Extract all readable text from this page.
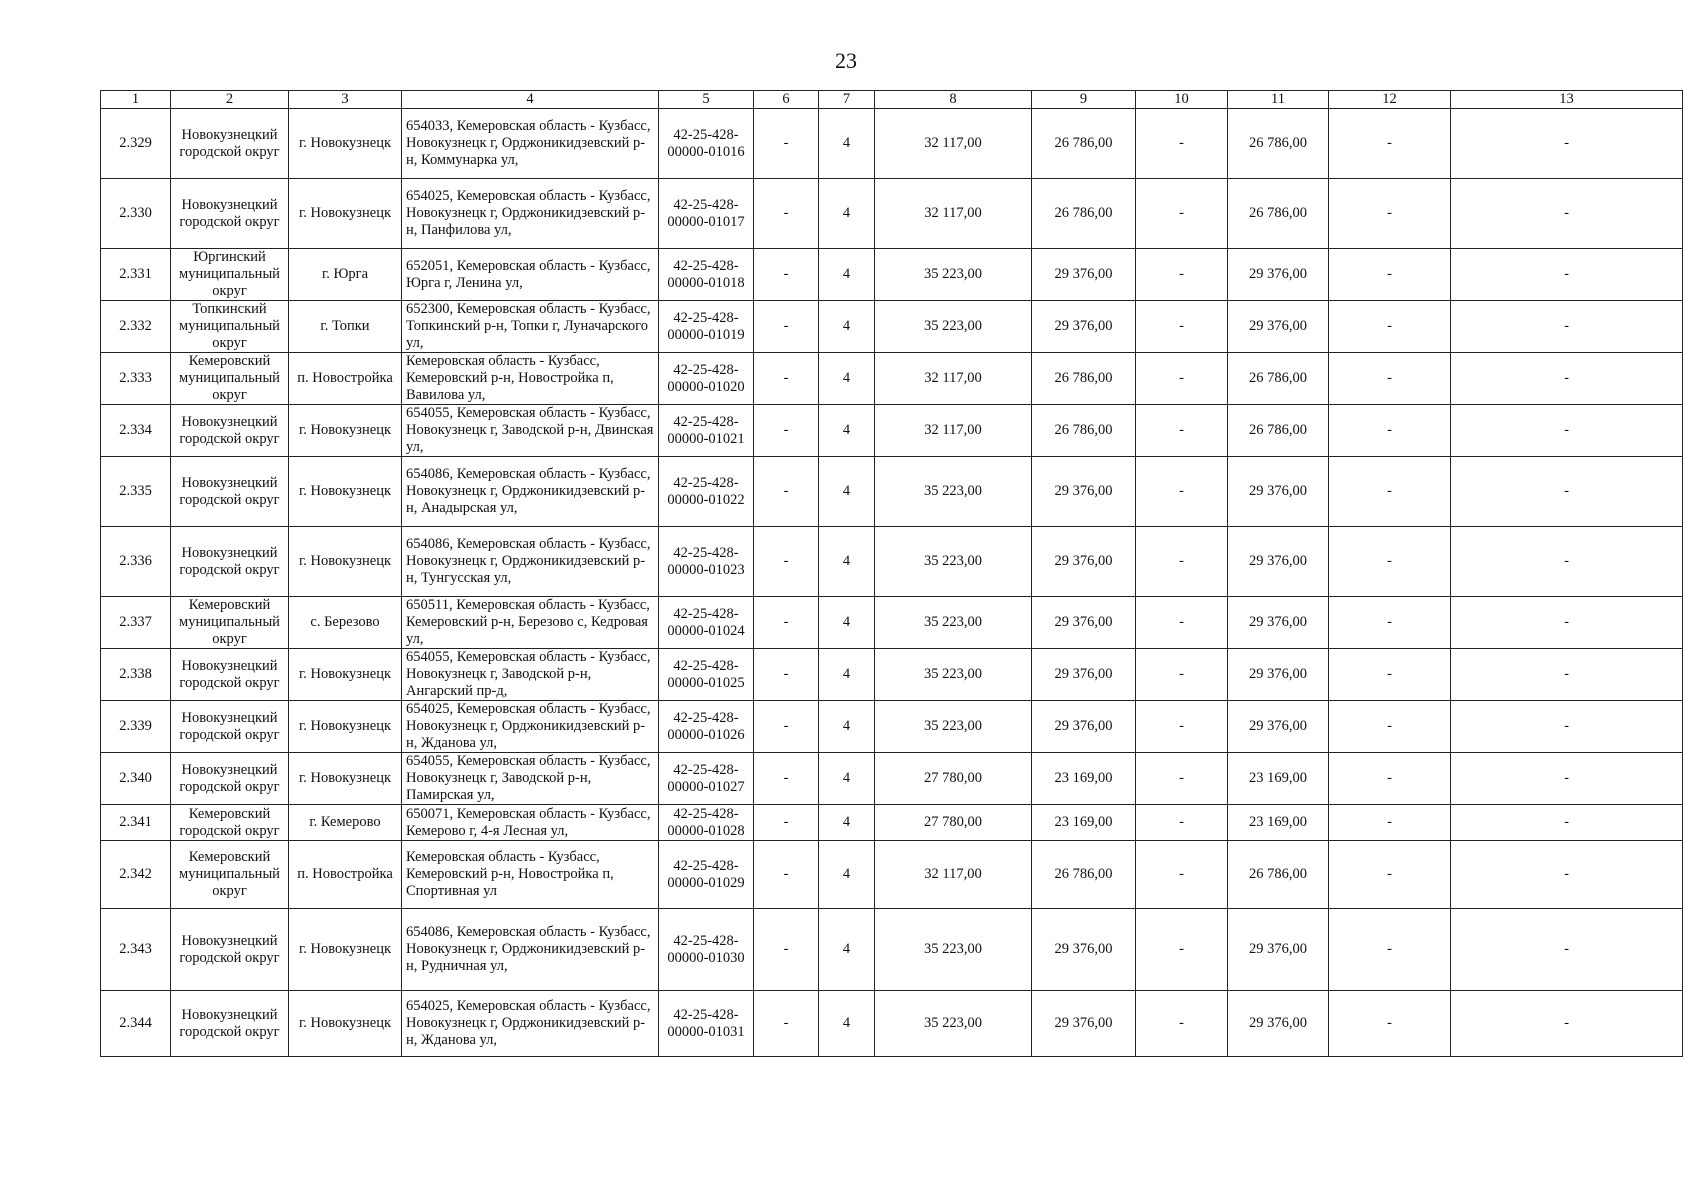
23
1	2	3	4	5	6	7	8	9	10	11	12	13
2.329	Новокузнецкий городской округ	г. Новокузнецк	654033, Кемеровская область - Кузбасс, Новокузнецк г, Орджоникидзевский р-н, Коммунарка ул,	42-25-428-00000-01016	-	4	32 117,00	26 786,00	-	26 786,00	-	-
2.330	Новокузнецкий городской округ	г. Новокузнецк	654025, Кемеровская область - Кузбасс, Новокузнецк г, Орджоникидзевский р-н, Панфилова ул,	42-25-428-00000-01017	-	4	32 117,00	26 786,00	-	26 786,00	-	-
2.331	Юргинский муниципальный округ	г. Юрга	652051, Кемеровская область - Кузбасс, Юрга г, Ленина ул,	42-25-428-00000-01018	-	4	35 223,00	29 376,00	-	29 376,00	-	-
2.332	Топкинский муниципальный округ	г. Топки	652300, Кемеровская область - Кузбасс, Топкинский р-н, Топки г, Луначарского ул,	42-25-428-00000-01019	-	4	35 223,00	29 376,00	-	29 376,00	-	-
2.333	Кемеровский муниципальный округ	п. Новостройка	Кемеровская область - Кузбасс, Кемеровский р-н, Новостройка п, Вавилова ул,	42-25-428-00000-01020	-	4	32 117,00	26 786,00	-	26 786,00	-	-
2.334	Новокузнецкий городской округ	г. Новокузнецк	654055, Кемеровская область - Кузбасс, Новокузнецк г, Заводской р-н, Двинская ул,	42-25-428-00000-01021	-	4	32 117,00	26 786,00	-	26 786,00	-	-
2.335	Новокузнецкий городской округ	г. Новокузнецк	654086, Кемеровская область - Кузбасс, Новокузнецк г, Орджоникидзевский р-н, Анадырская ул,	42-25-428-00000-01022	-	4	35 223,00	29 376,00	-	29 376,00	-	-
2.336	Новокузнецкий городской округ	г. Новокузнецк	654086, Кемеровская область - Кузбасс, Новокузнецк г, Орджоникидзевский р-н, Тунгусская ул,	42-25-428-00000-01023	-	4	35 223,00	29 376,00	-	29 376,00	-	-
2.337	Кемеровский муниципальный округ	с. Березово	650511, Кемеровская область - Кузбасс, Кемеровский р-н, Березово с, Кедровая ул,	42-25-428-00000-01024	-	4	35 223,00	29 376,00	-	29 376,00	-	-
2.338	Новокузнецкий городской округ	г. Новокузнецк	654055, Кемеровская область - Кузбасс, Новокузнецк г, Заводской р-н, Ангарский пр-д,	42-25-428-00000-01025	-	4	35 223,00	29 376,00	-	29 376,00	-	-
2.339	Новокузнецкий городской округ	г. Новокузнецк	654025, Кемеровская область - Кузбасс, Новокузнецк г, Орджоникидзевский р-н, Жданова ул,	42-25-428-00000-01026	-	4	35 223,00	29 376,00	-	29 376,00	-	-
2.340	Новокузнецкий городской округ	г. Новокузнецк	654055, Кемеровская область - Кузбасс, Новокузнецк г, Заводской р-н, Памирская ул,	42-25-428-00000-01027	-	4	27 780,00	23 169,00	-	23 169,00	-	-
2.341	Кемеровский городской округ	г. Кемерово	650071, Кемеровская область - Кузбасс, Кемерово г, 4-я Лесная ул,	42-25-428-00000-01028	-	4	27 780,00	23 169,00	-	23 169,00	-	-
2.342	Кемеровский муниципальный округ	п. Новостройка	Кемеровская область - Кузбасс, Кемеровский р-н, Новостройка п, Спортивная ул	42-25-428-00000-01029	-	4	32 117,00	26 786,00	-	26 786,00	-	-
2.343	Новокузнецкий городской округ	г. Новокузнецк	654086, Кемеровская область - Кузбасс, Новокузнецк г, Орджоникидзевский р-н, Рудничная ул,	42-25-428-00000-01030	-	4	35 223,00	29 376,00	-	29 376,00	-	-
2.344	Новокузнецкий городской округ	г. Новокузнецк	654025, Кемеровская область - Кузбасс, Новокузнецк г, Орджоникидзевский р-н, Жданова ул,	42-25-428-00000-01031	-	4	35 223,00	29 376,00	-	29 376,00	-	-
